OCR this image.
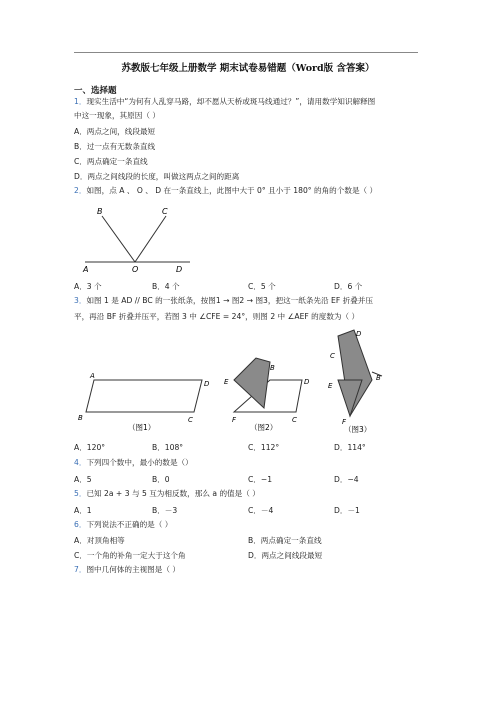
苏教版七年级上册数学 期末试卷易错题（Word版 含答案）
一、选择题
1．现实生活中“为何有人乱穿马路，却不愿从天桥或斑马线通过？”，请用数学知识解释图
中这一现象，其原因（ ）
A．两点之间，线段最短
B．过一点有无数条直线
C．两点确定一条直线
D．两点之间线段的长度，叫做这两点之间的距离
2．如图，点 A 、 O 、 D 在一条直线上，此图中大于 0° 且小于 180° 的角的个数是（ ）
A
B	C
O	D
A．3 个	B．4 个	C．5 个	D．6 个
3．如图 1 是 AD // BC 的一张纸条，按图1 → 图2 → 图3，把这一纸条先沿 EF 折叠并压
平，再沿 BF 折叠并压平，若图 3 中 ∠CFE = 24°，则图 2 中 ∠AEF 的度数为（ ）
A
B	C
D
（图1）
E
B
D
F	C
（图2）
D
C
E
B
F
（图3）
A．120°	B．108°	C．112°	D．114°
4．下列四个数中，最小的数是（）
A．5	B．0	C．−1	D．−4
5．已知 2a + 3 与 5 互为相反数，那么 a 的值是（ ）
A．1	B．－3	C．－4	D．－1
6．下列说法不正确的是（ ）
A．对顶角相等	B．两点确定一条直线
C．一个角的补角一定大于这个角	D．两点之间线段最短
7．图中几何体的主视图是（ ）
